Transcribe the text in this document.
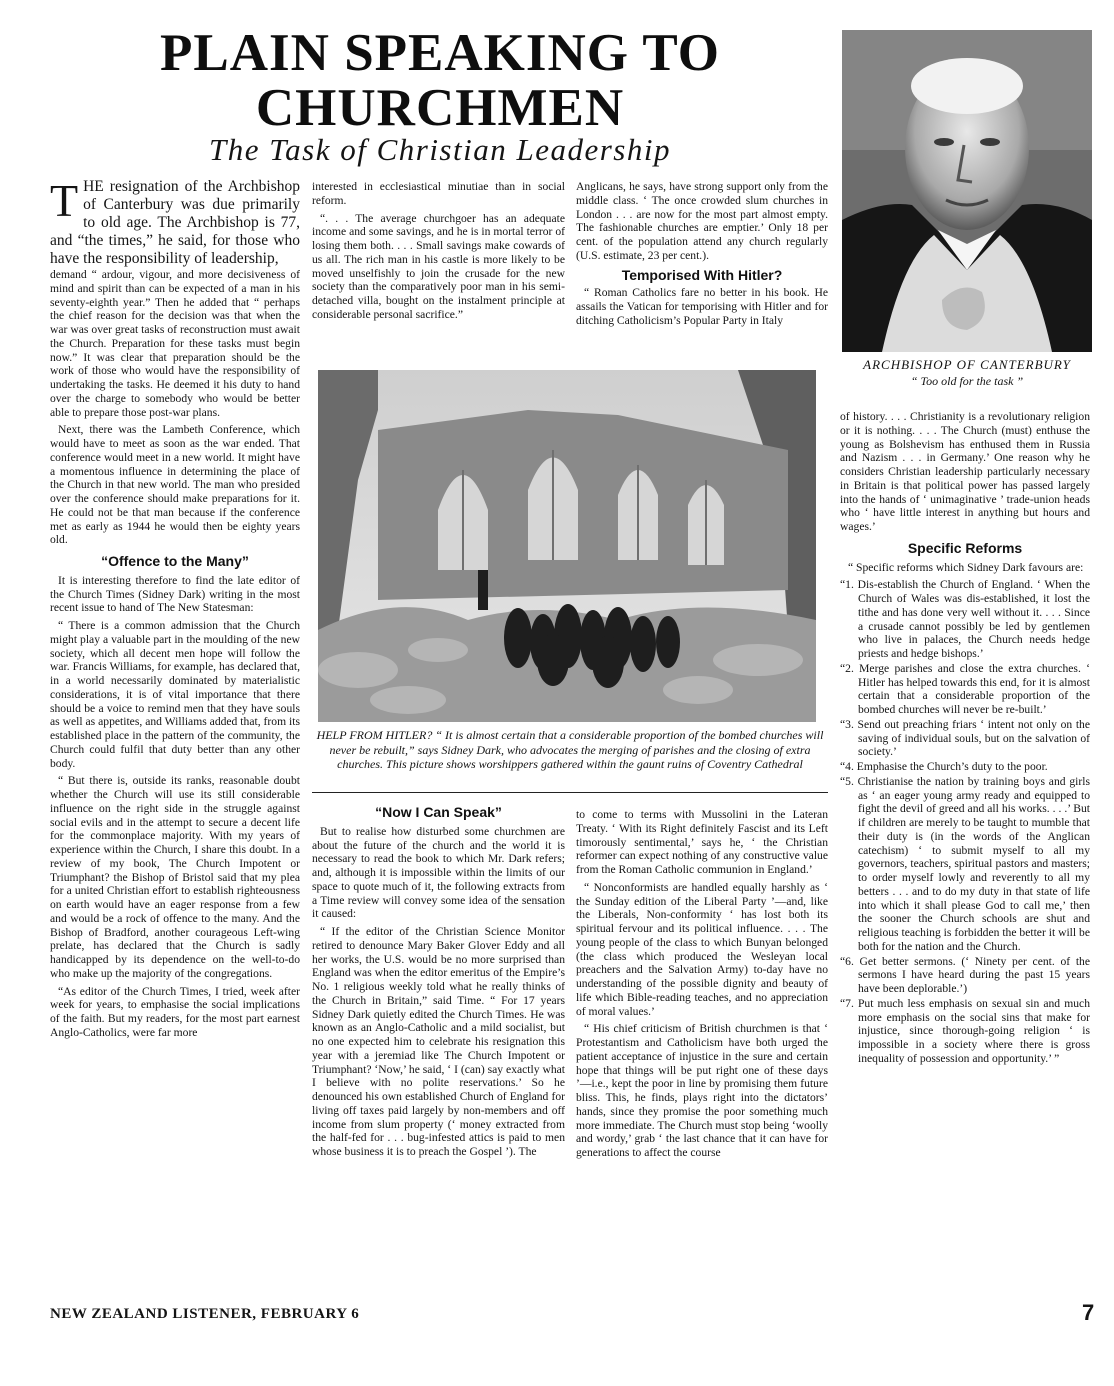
PLAIN SPEAKING TO CHURCHMEN
The Task of Christian Leadership
ARCHBISHOP OF CANTERBURY
“ Too old for the task ”

THE resignation of the Archbishop of Canterbury was due primarily to old age. The Archbishop is 77, and “the times,” he said, for those who have the responsibility of leadership,

demand “ ardour, vigour, and more decisiveness of mind and spirit than can be expected of a man in his seventy-eighth year.” Then he added that “ perhaps the chief reason for the decision was that when the war was over great tasks of reconstruction must await the Church. Preparation for these tasks must begin now.” It was clear that preparation should be the work of those who would have the responsibility of undertaking the tasks. He deemed it his duty to hand over the charge to somebody who would be better able to prepare those post-war plans.

Next, there was the Lambeth Conference, which would have to meet as soon as the war ended. That conference would meet in a new world. It might have a momentous influence in determining the place of the Church in that new world. The man who presided over the conference should make preparations for it. He could not be that man because if the conference met as early as 1944 he would then be eighty years old.

“Offence to the Many”

It is interesting therefore to find the late editor of the Church Times (Sidney Dark) writing in the most recent issue to hand of The New Statesman:

“ There is a common admission that the Church might play a valuable part in the moulding of the new society, which all decent men hope will follow the war. Francis Williams, for example, has declared that, in a world necessarily dominated by materialistic considerations, it is of vital importance that there should be a voice to remind men that they have souls as well as appetites, and Williams added that, from its established place in the pattern of the community, the Church could fulfil that duty better than any other body.

“ But there is, outside its ranks, reasonable doubt whether the Church will use its still considerable influence on the right side in the struggle against social evils and in the attempt to secure a decent life for the commonplace majority. With my years of experience within the Church, I share this doubt. In a review of my book, The Church Impotent or Triumphant? the Bishop of Bristol said that my plea for a united Christian effort to establish righteousness on earth would have an eager response from a few and would be a rock of offence to the many. And the Bishop of Bradford, another courageous Left-wing prelate, has declared that the Church is sadly handicapped by its dependence on the well-to-do who make up the majority of the congregations.

“As editor of the Church Times, I tried, week after week for years, to emphasise the social implications of the faith. But my readers, for the most part earnest Anglo-Catholics, were far more

interested in ecclesiastical minutiae than in social reform.

“. . . The average churchgoer has an adequate income and some savings, and he is in mortal terror of losing them both. . . . Small savings make cowards of us all. The rich man in his castle is more likely to be moved unselfishly to join the crusade for the new society than the comparatively poor man in his semi-detached villa, bought on the instalment principle at considerable personal sacrifice.”

Anglicans, he says, have strong support only from the middle class. ‘ The once crowded slum churches in London . . . are now for the most part almost empty. The fashionable churches are emptier.’ Only 18 per cent. of the population attend any church regularly (U.S. estimate, 23 per cent.).

Temporised With Hitler?

“ Roman Catholics fare no better in his book. He assails the Vatican for temporising with Hitler and for ditching Catholicism’s Popular Party in Italy

HELP FROM HITLER? “ It is almost certain that a considerable proportion of the bombed churches will never be rebuilt,” says Sidney Dark, who advocates the merging of parishes and the closing of extra churches. This picture shows worshippers gathered within the gaunt ruins of Coventry Cathedral
“Now I Can Speak”

But to realise how disturbed some churchmen are about the future of the church and the world it is necessary to read the book to which Mr. Dark refers; and, although it is impossible within the limits of our space to quote much of it, the following extracts from a Time review will convey some idea of the sensation it caused:

“ If the editor of the Christian Science Monitor retired to denounce Mary Baker Glover Eddy and all her works, the U.S. would be no more surprised than England was when the editor emeritus of the Empire’s No. 1 religious weekly told what he really thinks of the Church in Britain,” said Time. “ For 17 years Sidney Dark quietly edited the Church Times. He was known as an Anglo-Catholic and a mild socialist, but no one expected him to celebrate his resignation this year with a jeremiad like The Church Impotent or Triumphant? ‘Now,’ he said, ‘ I (can) say exactly what I believe with no polite reservations.’ So he denounced his own established Church of England for living off taxes paid largely by non-members and off income from slum property (‘ money extracted from the half-fed for . . . bug-infested attics is paid to men whose business it is to preach the Gospel ’). The

to come to terms with Mussolini in the Lateran Treaty. ‘ With its Right definitely Fascist and its Left timorously sentimental,’ says he, ‘ the Christian reformer can expect nothing of any constructive value from the Roman Catholic communion in England.’

“ Nonconformists are handled equally harshly as ‘ the Sunday edition of the Liberal Party ’—and, like the Liberals, Non-conformity ‘ has lost both its spiritual fervour and its political influence. . . . The young people of the class to which Bunyan belonged (the class which produced the Wesleyan local preachers and the Salvation Army) to-day have no understanding of the possible dignity and beauty of life which Bible-reading teaches, and no appreciation of moral values.’

“ His chief criticism of British churchmen is that ‘ Protestantism and Catholicism have both urged the patient acceptance of injustice in the sure and certain hope that things will be put right one of these days ’—i.e., kept the poor in line by promising them future bliss. This, he finds, plays right into the dictators’ hands, since they promise the poor something much more immediate. The Church must stop being ‘woolly and wordy,’ grab ‘ the last chance that it can have for generations to affect the course

of history. . . . Christianity is a revolutionary religion or it is nothing. . . . The Church (must) enthuse the young as Bolshevism has enthused them in Russia and Nazism . . . in Germany.’ One reason why he considers Christian leadership particularly necessary in Britain is that political power has passed largely into the hands of ‘ unimaginative ’ trade-union heads who ‘ have little interest in anything but hours and wages.’

Specific Reforms

“ Specific reforms which Sidney Dark favours are:

“1. Dis-establish the Church of England. ‘ When the Church of Wales was dis-established, it lost the tithe and has done very well without it. . . . Since a crusade cannot possibly be led by gentlemen who live in palaces, the Church needs hedge priests and hedge bishops.’
“2. Merge parishes and close the extra churches. ‘ Hitler has helped towards this end, for it is almost certain that a considerable proportion of the bombed churches will never be re-built.’
“3. Send out preaching friars ‘ intent not only on the saving of individual souls, but on the salvation of society.’
“4. Emphasise the Church’s duty to the poor.
“5. Christianise the nation by training boys and girls as ‘ an eager young army ready and equipped to fight the devil of greed and all his works. . . .’ But if children are merely to be taught to mumble that their duty is (in the words of the Anglican catechism) ‘ to submit myself to all my governors, teachers, spiritual pastors and masters; to order myself lowly and reverently to all my betters . . . and to do my duty in that state of life into which it shall please God to call me,’ then the sooner the Church schools are shut and religious teaching is forbidden the better it will be both for the nation and the Church.
“6. Get better sermons. (‘ Ninety per cent. of the sermons I have heard during the past 15 years have been deplorable.’)
“7. Put much less emphasis on sexual sin and much more emphasis on the social sins that make for injustice, since thorough-going religion ‘ is impossible in a society where there is gross inequality of possession and opportunity.’ ”
NEW ZEALAND LISTENER, FEBRUARY 6	7
